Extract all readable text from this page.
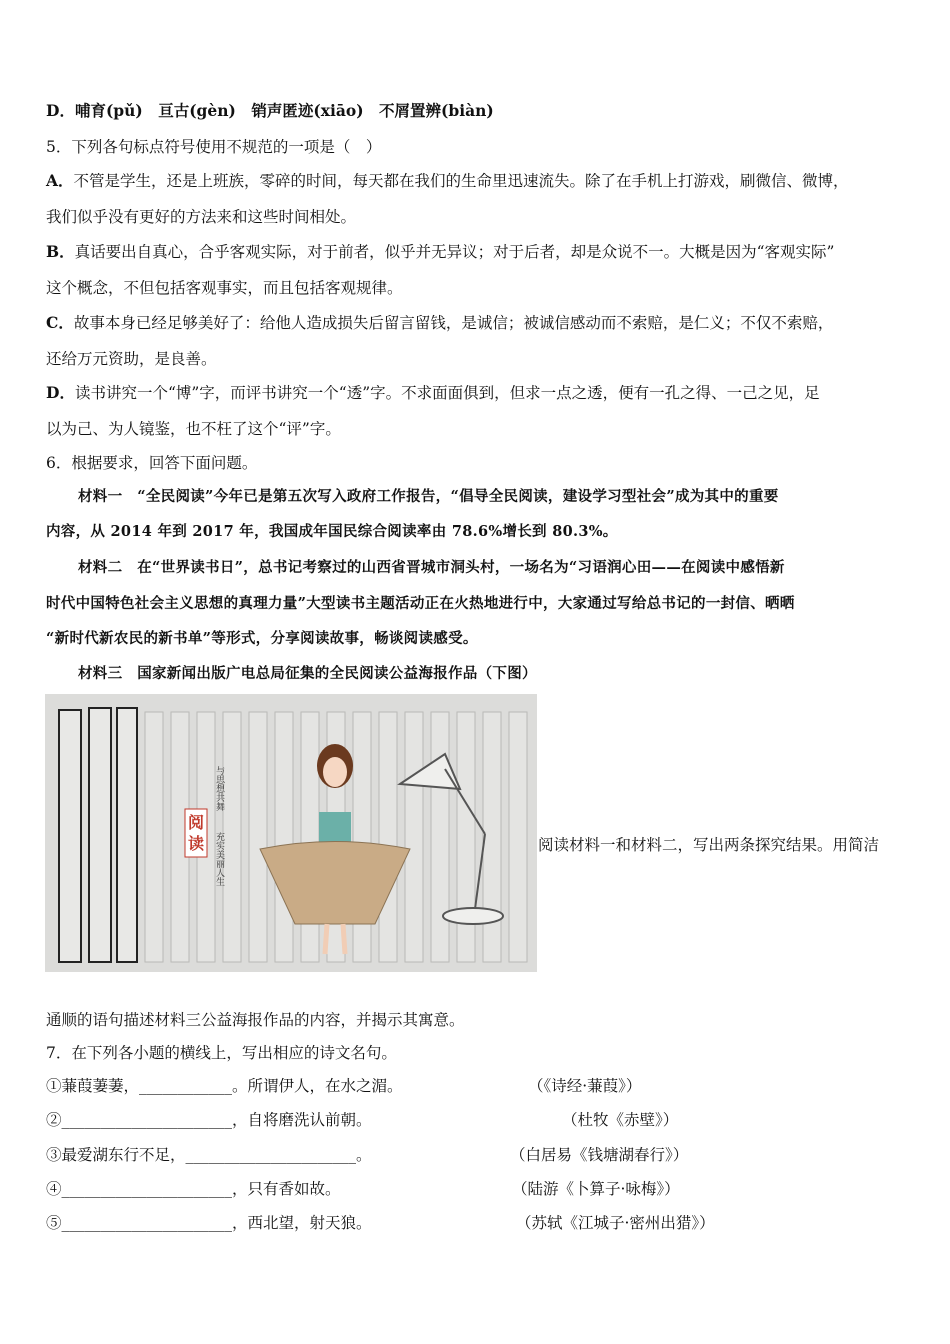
D．哺育(pǔ)　亘古(gèn)　销声匿迹(xiāo)　不屑置辨(biàn)
5．下列各句标点符号使用不规范的一项是（　）
A．不管是学生，还是上班族，零碎的时间，每天都在我们的生命里迅速流失。除了在手机上打游戏，刷微信、微博，
我们似乎没有更好的方法来和这些时间相处。
B．真话要出自真心，合乎客观实际，对于前者，似乎并无异议；对于后者，却是众说不一。大概是因为“客观实际”
这个概念，不但包括客观事实，而且包括客观规律。
C．故事本身已经足够美好了：给他人造成损失后留言留钱，是诚信；被诚信感动而不索赔，是仁义；不仅不索赔，
还给万元资助，是良善。
D．读书讲究一个“博”字，而评书讲究一个“透”字。不求面面俱到，但求一点之透，便有一孔之得、一己之见，足
以为己、为人镜鉴，也不枉了这个“评”字。
6．根据要求，回答下面问题。
材料一　“全民阅读”今年已是第五次写入政府工作报告，“倡导全民阅读，建设学习型社会”成为其中的重要
内容，从 2014 年到 2017 年，我国成年国民综合阅读率由 78.6%增长到 80.3%。
材料二　在“世界读书日”，总书记考察过的山西省晋城市洞头村，一场名为“习语润心田——在阅读中感悟新
时代中国特色社会主义思想的真理力量”大型读书主题活动正在火热地进行中，大家通过写给总书记的一封信、晒晒
“新时代新农民的新书单”等形式，分享阅读故事，畅谈阅读感受。
材料三　国家新闻出版广电总局征集的全民阅读公益海报作品（下图）
阅读
与思想共舞
充实美丽人生	阅读材料一和材料二，写出两条探究结果。用简洁
通顺的语句描述材料三公益海报作品的内容，并揭示其寓意。
7．在下列各小题的横线上，写出相应的诗文名句。
①蒹葭萋萋，____________。所谓伊人，在水之湄。	（《诗经·蒹葭》）
②______________________，自将磨洗认前朝。	（杜牧《赤壁》）
③最爱湖东行不足，______________________。	（白居易《钱塘湖春行》）
④______________________，只有香如故。	（陆游《卜算子·咏梅》）
⑤______________________，西北望，射天狼。	（苏轼《江城子·密州出猎》）
